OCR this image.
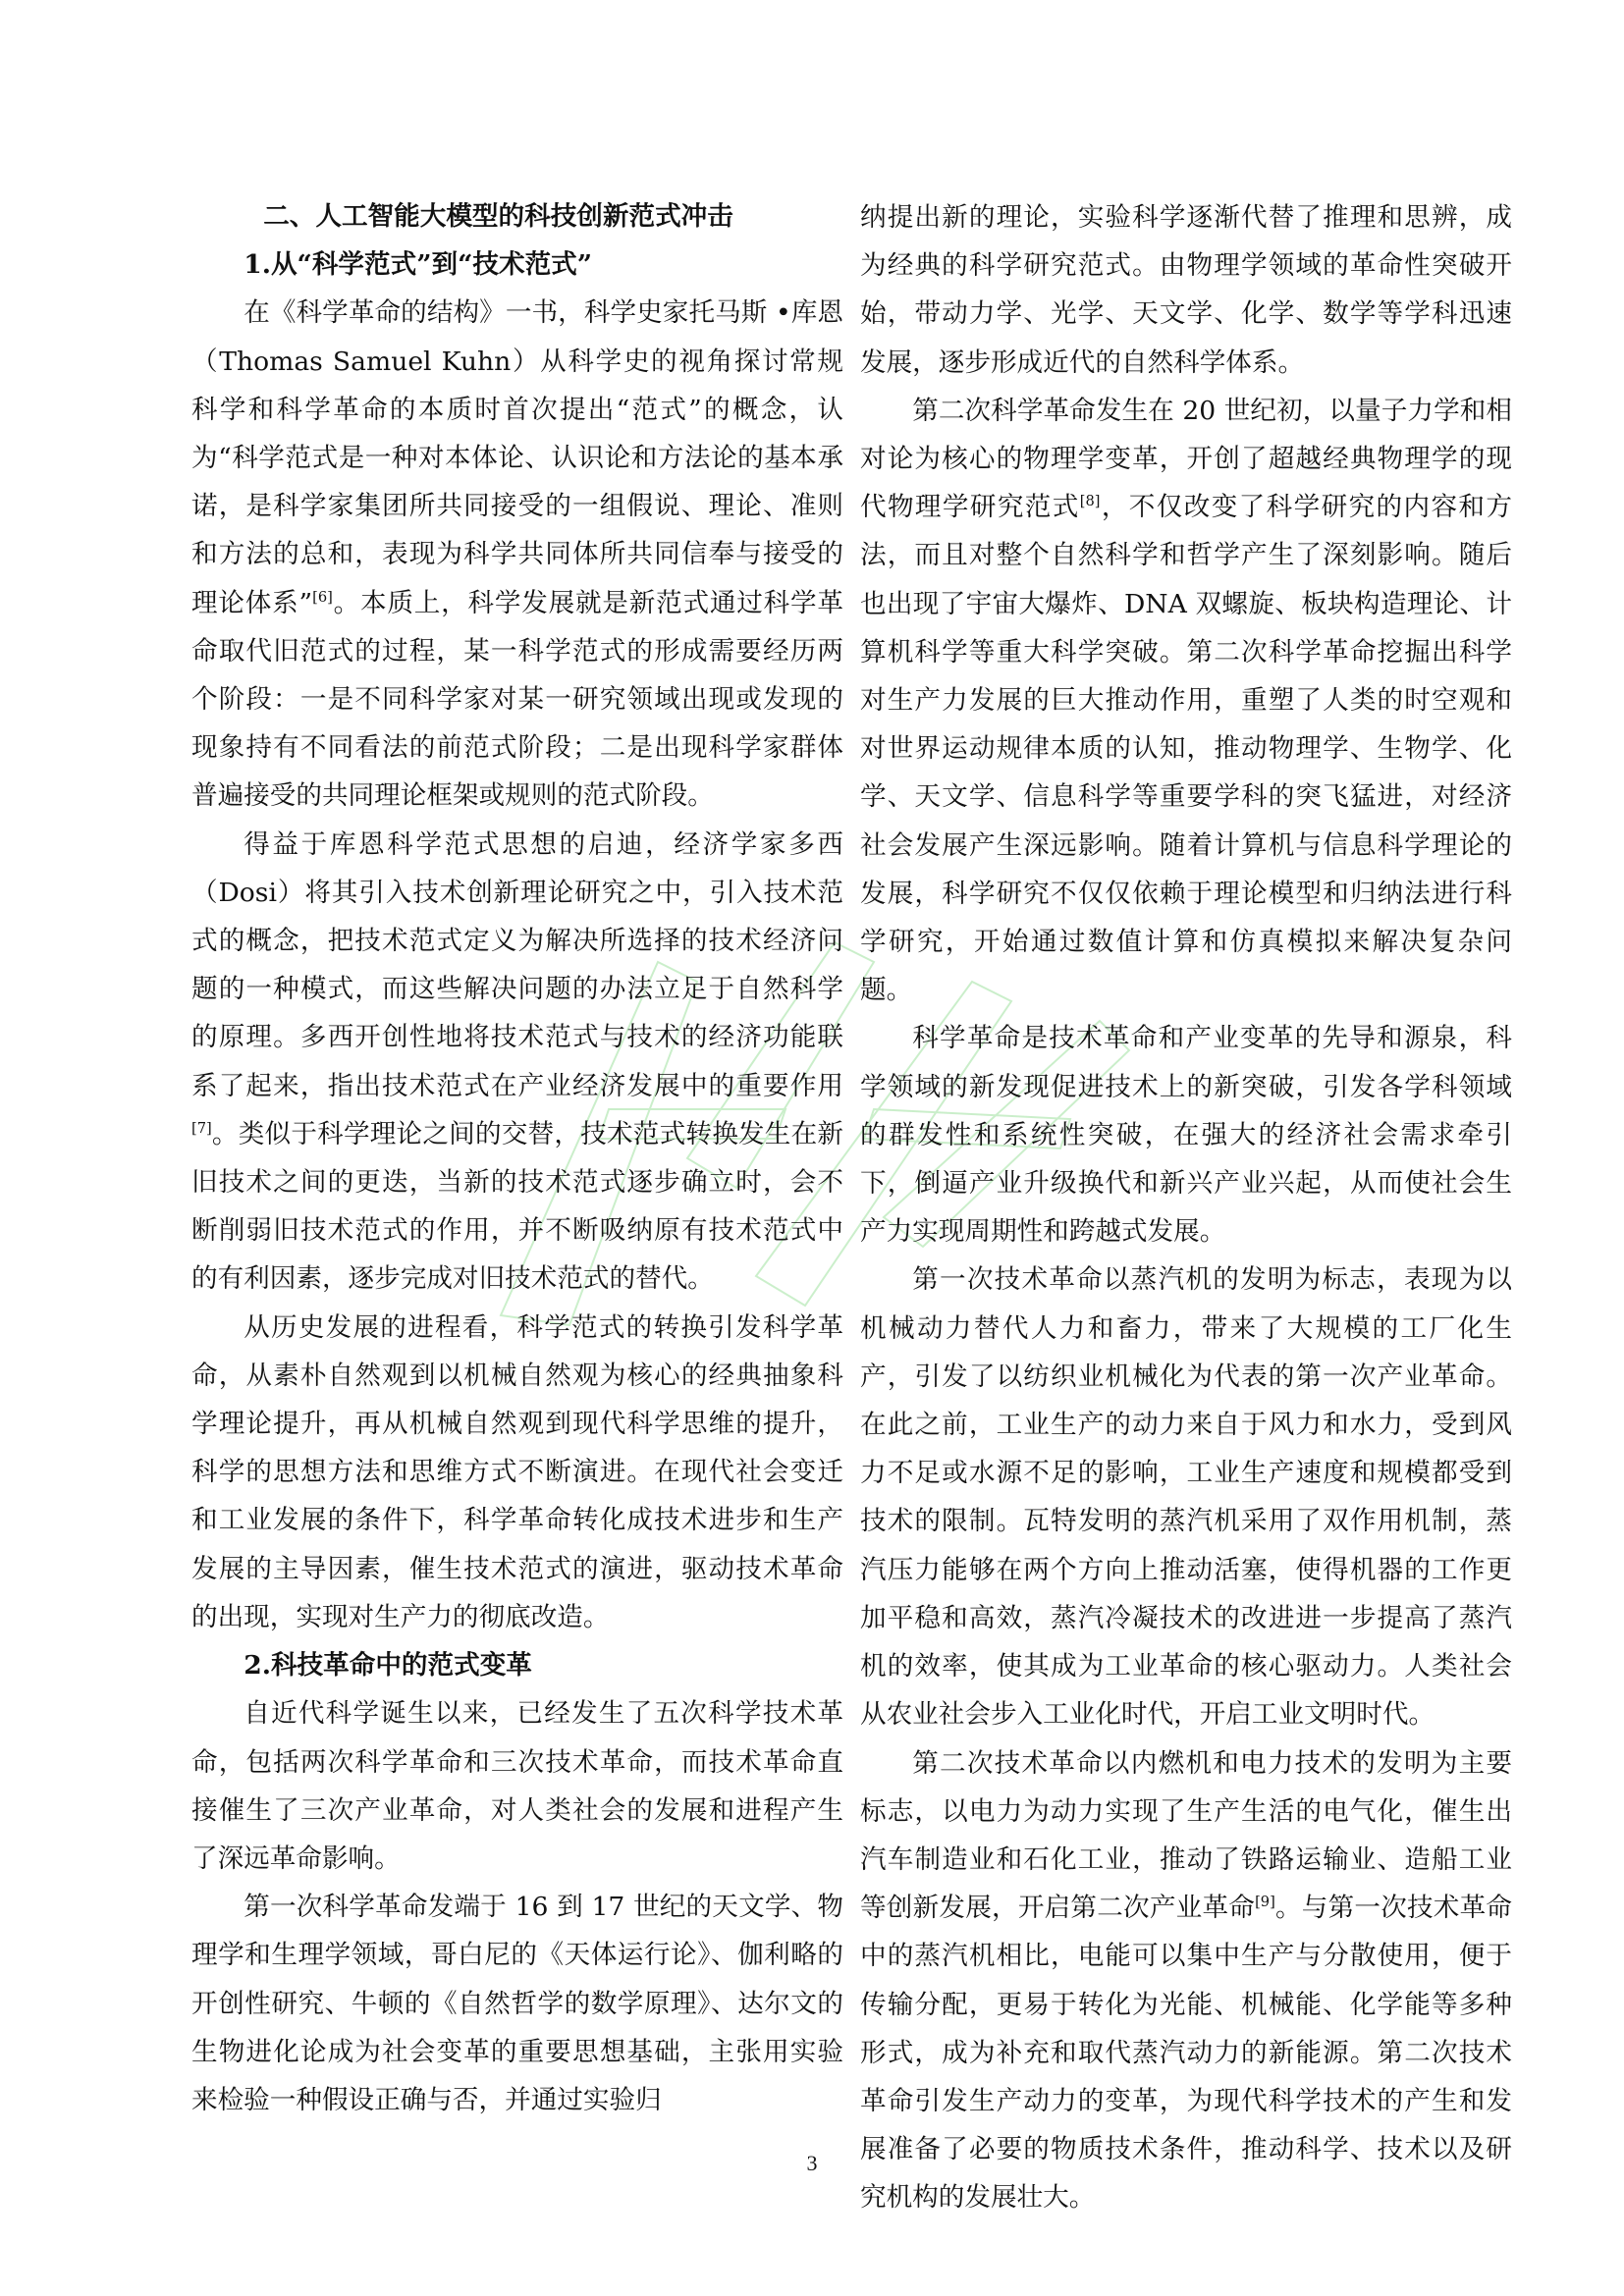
二、人工智能大模型的科技创新范式冲击

1.从“科学范式”到“技术范式”

在《科学革命的结构》一书，科学史家托马斯 •库恩（Thomas Samuel Kuhn）从科学史的视角探讨常规科学和科学革命的本质时首次提出“范式”的概念，认为“科学范式是一种对本体论、认识论和方法论的基本承诺，是科学家集团所共同接受的一组假说、理论、准则和方法的总和，表现为科学共同体所共同信奉与接受的理论体系”[6]。本质上，科学发展就是新范式通过科学革命取代旧范式的过程，某一科学范式的形成需要经历两个阶段：一是不同科学家对某一研究领域出现或发现的现象持有不同看法的前范式阶段；二是出现科学家群体普遍接受的共同理论框架或规则的范式阶段。

得益于库恩科学范式思想的启迪，经济学家多西（Dosi）将其引入技术创新理论研究之中，引入技术范式的概念，把技术范式定义为解决所选择的技术经济问题的一种模式，而这些解决问题的办法立足于自然科学的原理。多西开创性地将技术范式与技术的经济功能联系了起来，指出技术范式在产业经济发展中的重要作用[7]。类似于科学理论之间的交替，技术范式转换发生在新旧技术之间的更迭，当新的技术范式逐步确立时，会不断削弱旧技术范式的作用，并不断吸纳原有技术范式中的有利因素，逐步完成对旧技术范式的替代。

从历史发展的进程看，科学范式的转换引发科学革命，从素朴自然观到以机械自然观为核心的经典抽象科学理论提升，再从机械自然观到现代科学思维的提升，科学的思想方法和思维方式不断演进。在现代社会变迁和工业发展的条件下，科学革命转化成技术进步和生产发展的主导因素，催生技术范式的演进，驱动技术革命的出现，实现对生产力的彻底改造。

2.科技革命中的范式变革

自近代科学诞生以来，已经发生了五次科学技术革命，包括两次科学革命和三次技术革命，而技术革命直接催生了三次产业革命，对人类社会的发展和进程产生了深远革命影响。

第一次科学革命发端于 16 到 17 世纪的天文学、物理学和生理学领域，哥白尼的《天体运行论》、伽利略的开创性研究、牛顿的《自然哲学的数学原理》、达尔文的生物进化论成为社会变革的重要思想基础，主张用实验来检验一种假设正确与否，并通过实验归

纳提出新的理论，实验科学逐渐代替了推理和思辨，成为经典的科学研究范式。由物理学领域的革命性突破开始，带动力学、光学、天文学、化学、数学等学科迅速发展，逐步形成近代的自然科学体系。

第二次科学革命发生在 20 世纪初，以量子力学和相对论为核心的物理学变革，开创了超越经典物理学的现代物理学研究范式[8]，不仅改变了科学研究的内容和方法，而且对整个自然科学和哲学产生了深刻影响。随后也出现了宇宙大爆炸、DNA 双螺旋、板块构造理论、计算机科学等重大科学突破。第二次科学革命挖掘出科学对生产力发展的巨大推动作用，重塑了人类的时空观和对世界运动规律本质的认知，推动物理学、生物学、化学、天文学、信息科学等重要学科的突飞猛进，对经济社会发展产生深远影响。随着计算机与信息科学理论的发展，科学研究不仅仅依赖于理论模型和归纳法进行科学研究，开始通过数值计算和仿真模拟来解决复杂问题。

科学革命是技术革命和产业变革的先导和源泉，科学领域的新发现促进技术上的新突破，引发各学科领域的群发性和系统性突破，在强大的经济社会需求牵引下，倒逼产业升级换代和新兴产业兴起，从而使社会生产力实现周期性和跨越式发展。

第一次技术革命以蒸汽机的发明为标志，表现为以机械动力替代人力和畜力，带来了大规模的工厂化生产，引发了以纺织业机械化为代表的第一次产业革命。在此之前，工业生产的动力来自于风力和水力，受到风力不足或水源不足的影响，工业生产速度和规模都受到技术的限制。瓦特发明的蒸汽机采用了双作用机制，蒸汽压力能够在两个方向上推动活塞，使得机器的工作更加平稳和高效，蒸汽冷凝技术的改进进一步提高了蒸汽机的效率，使其成为工业革命的核心驱动力。人类社会从农业社会步入工业化时代，开启工业文明时代。

第二次技术革命以内燃机和电力技术的发明为主要标志，以电力为动力实现了生产生活的电气化，催生出汽车制造业和石化工业，推动了铁路运输业、造船工业等创新发展，开启第二次产业革命[9]。与第一次技术革命中的蒸汽机相比，电能可以集中生产与分散使用，便于传输分配，更易于转化为光能、机械能、化学能等多种形式，成为补充和取代蒸汽动力的新能源。第二次技术革命引发生产动力的变革，为现代科学技术的产生和发展准备了必要的物质技术条件，推动科学、技术以及研究机构的发展壮大。

3
